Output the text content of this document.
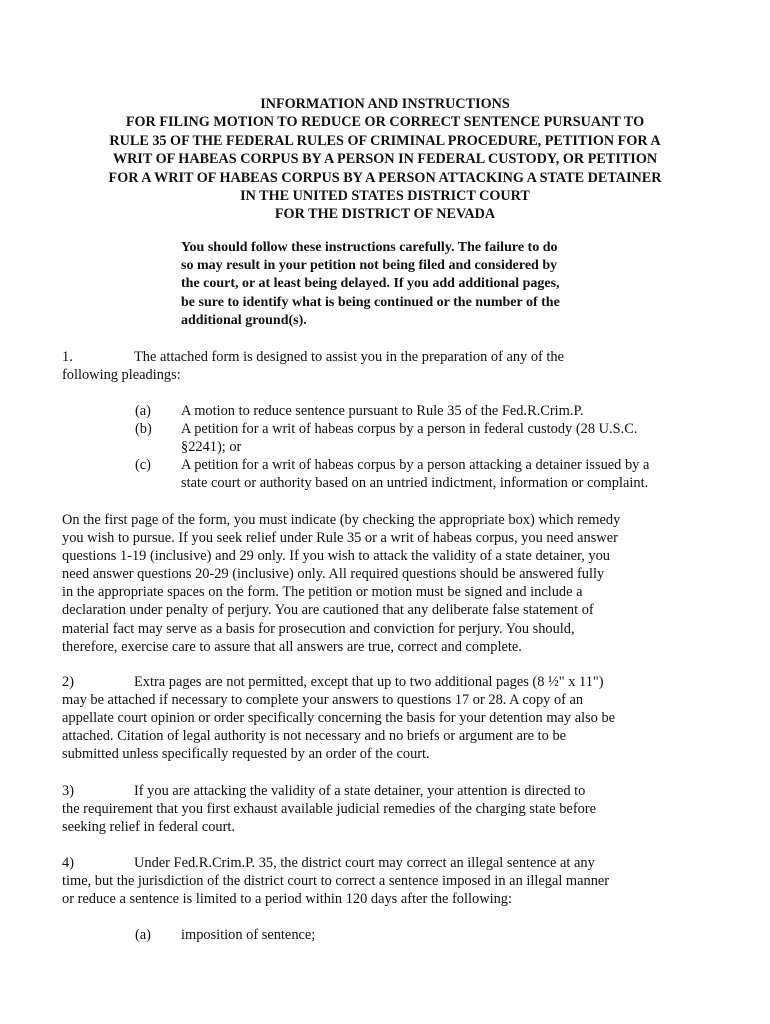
INFORMATION AND INSTRUCTIONS
FOR FILING MOTION TO REDUCE OR CORRECT SENTENCE PURSUANT TO
RULE 35 OF THE FEDERAL RULES OF CRIMINAL PROCEDURE, PETITION FOR A
WRIT OF HABEAS CORPUS BY A PERSON IN FEDERAL CUSTODY, OR PETITION
FOR A WRIT OF HABEAS CORPUS BY A PERSON ATTACKING A STATE DETAINER
IN THE UNITED STATES DISTRICT COURT
FOR THE DISTRICT OF NEVADA
You should follow these instructions carefully. The failure to do
so may result in your petition not being filed and considered by
the court, or at least being delayed. If you add additional pages,
be sure to identify what is being continued or the number of the
additional ground(s).
1.	The attached form is designed to assist you in the preparation of any of the
following pleadings:
(a) A motion to reduce sentence pursuant to Rule 35 of the Fed.R.Crim.P.
(b) A petition for a writ of habeas corpus by a person in federal custody (28 U.S.C.
§2241); or
(c) A petition for a writ of habeas corpus by a person attacking a detainer issued by a
state court or authority based on an untried indictment, information or complaint.
On the first page of the form, you must indicate (by checking the appropriate box) which remedy
you wish to pursue. If you seek relief under Rule 35 or a writ of habeas corpus, you need answer
questions 1-19 (inclusive) and 29 only. If you wish to attack the validity of a state detainer, you
need answer questions 20-29 (inclusive) only. All required questions should be answered fully
in the appropriate spaces on the form. The petition or motion must be signed and include a
declaration under penalty of perjury. You are cautioned that any deliberate false statement of
material fact may serve as a basis for prosecution and conviction for perjury. You should,
therefore, exercise care to assure that all answers are true, correct and complete.
2)	Extra pages are not permitted, except that up to two additional pages (8 ½" x 11")
may be attached if necessary to complete your answers to questions 17 or 28. A copy of an
appellate court opinion or order specifically concerning the basis for your detention may also be
attached. Citation of legal authority is not necessary and no briefs or argument are to be
submitted unless specifically requested by an order of the court.
3)	If you are attacking the validity of a state detainer, your attention is directed to
the requirement that you first exhaust available judicial remedies of the charging state before
seeking relief in federal court.
4)	Under Fed.R.Crim.P. 35, the district court may correct an illegal sentence at any
time, but the jurisdiction of the district court to correct a sentence imposed in an illegal manner
or reduce a sentence is limited to a period within 120 days after the following:
(a) imposition of sentence;
